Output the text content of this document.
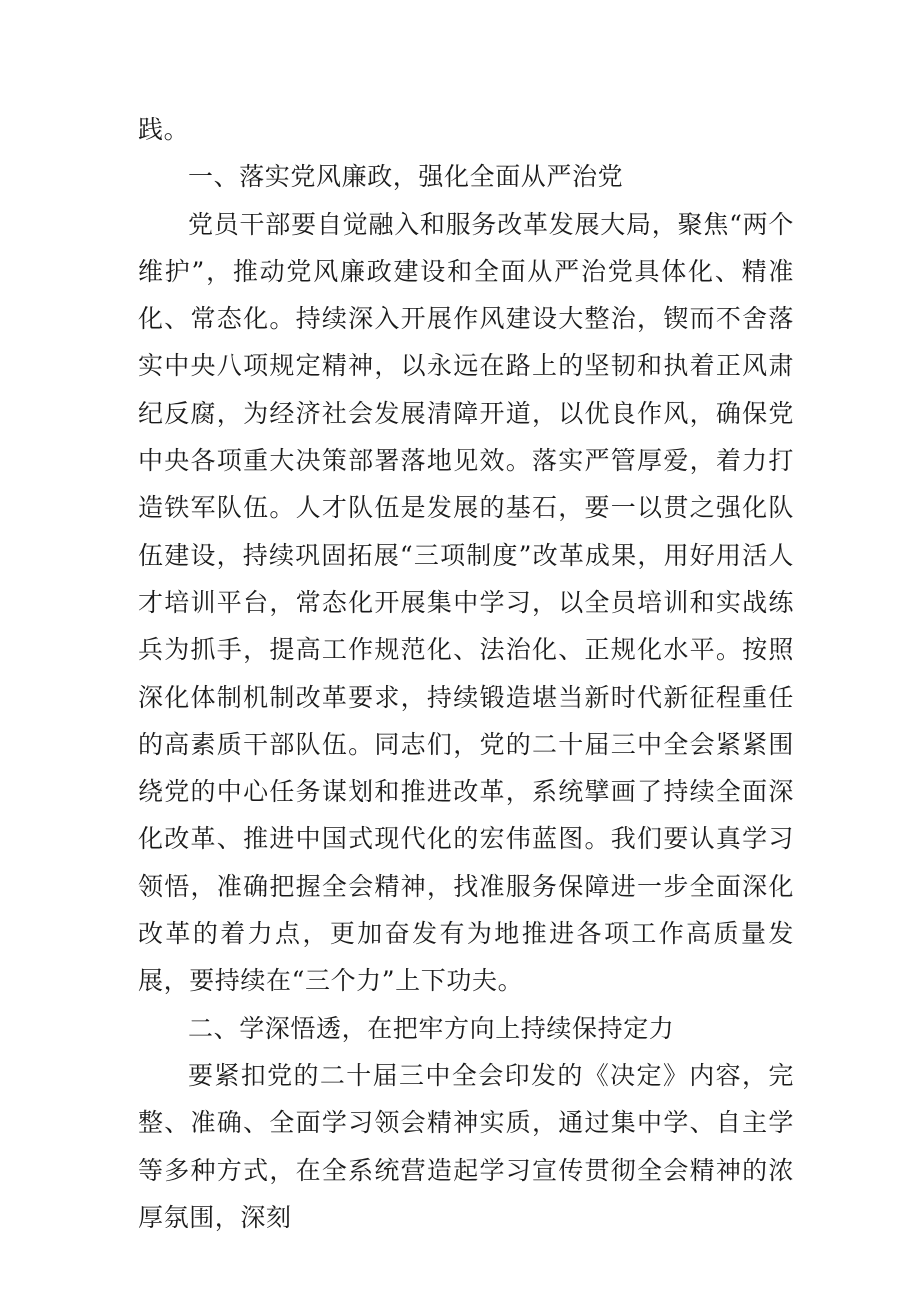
践。

一、落实党风廉政，强化全面从严治党

党员干部要自觉融入和服务改革发展大局，聚焦“两个维护”，推动党风廉政建设和全面从严治党具体化、精准化、常态化。持续深入开展作风建设大整治，锲而不舍落实中央八项规定精神，以永远在路上的坚韧和执着正风肃纪反腐，为经济社会发展清障开道，以优良作风，确保党中央各项重大决策部署落地见效。落实严管厚爱，着力打造铁军队伍。人才队伍是发展的基石，要一以贯之强化队伍建设，持续巩固拓展“三项制度”改革成果，用好用活人才培训平台，常态化开展集中学习，以全员培训和实战练兵为抓手，提高工作规范化、法治化、正规化水平。按照深化体制机制改革要求，持续锻造堪当新时代新征程重任的高素质干部队伍。同志们，党的二十届三中全会紧紧围绕党的中心任务谋划和推进改革，系统擘画了持续全面深化改革、推进中国式现代化的宏伟蓝图。我们要认真学习领悟，准确把握全会精神，找准服务保障进一步全面深化改革的着力点，更加奋发有为地推进各项工作高质量发展，要持续在“三个力”上下功夫。

二、学深悟透，在把牢方向上持续保持定力

要紧扣党的二十届三中全会印发的《决定》内容，完整、准确、全面学习领会精神实质，通过集中学、自主学等多种方式，在全系统营造起学习宣传贯彻全会精神的浓厚氛围，深刻
